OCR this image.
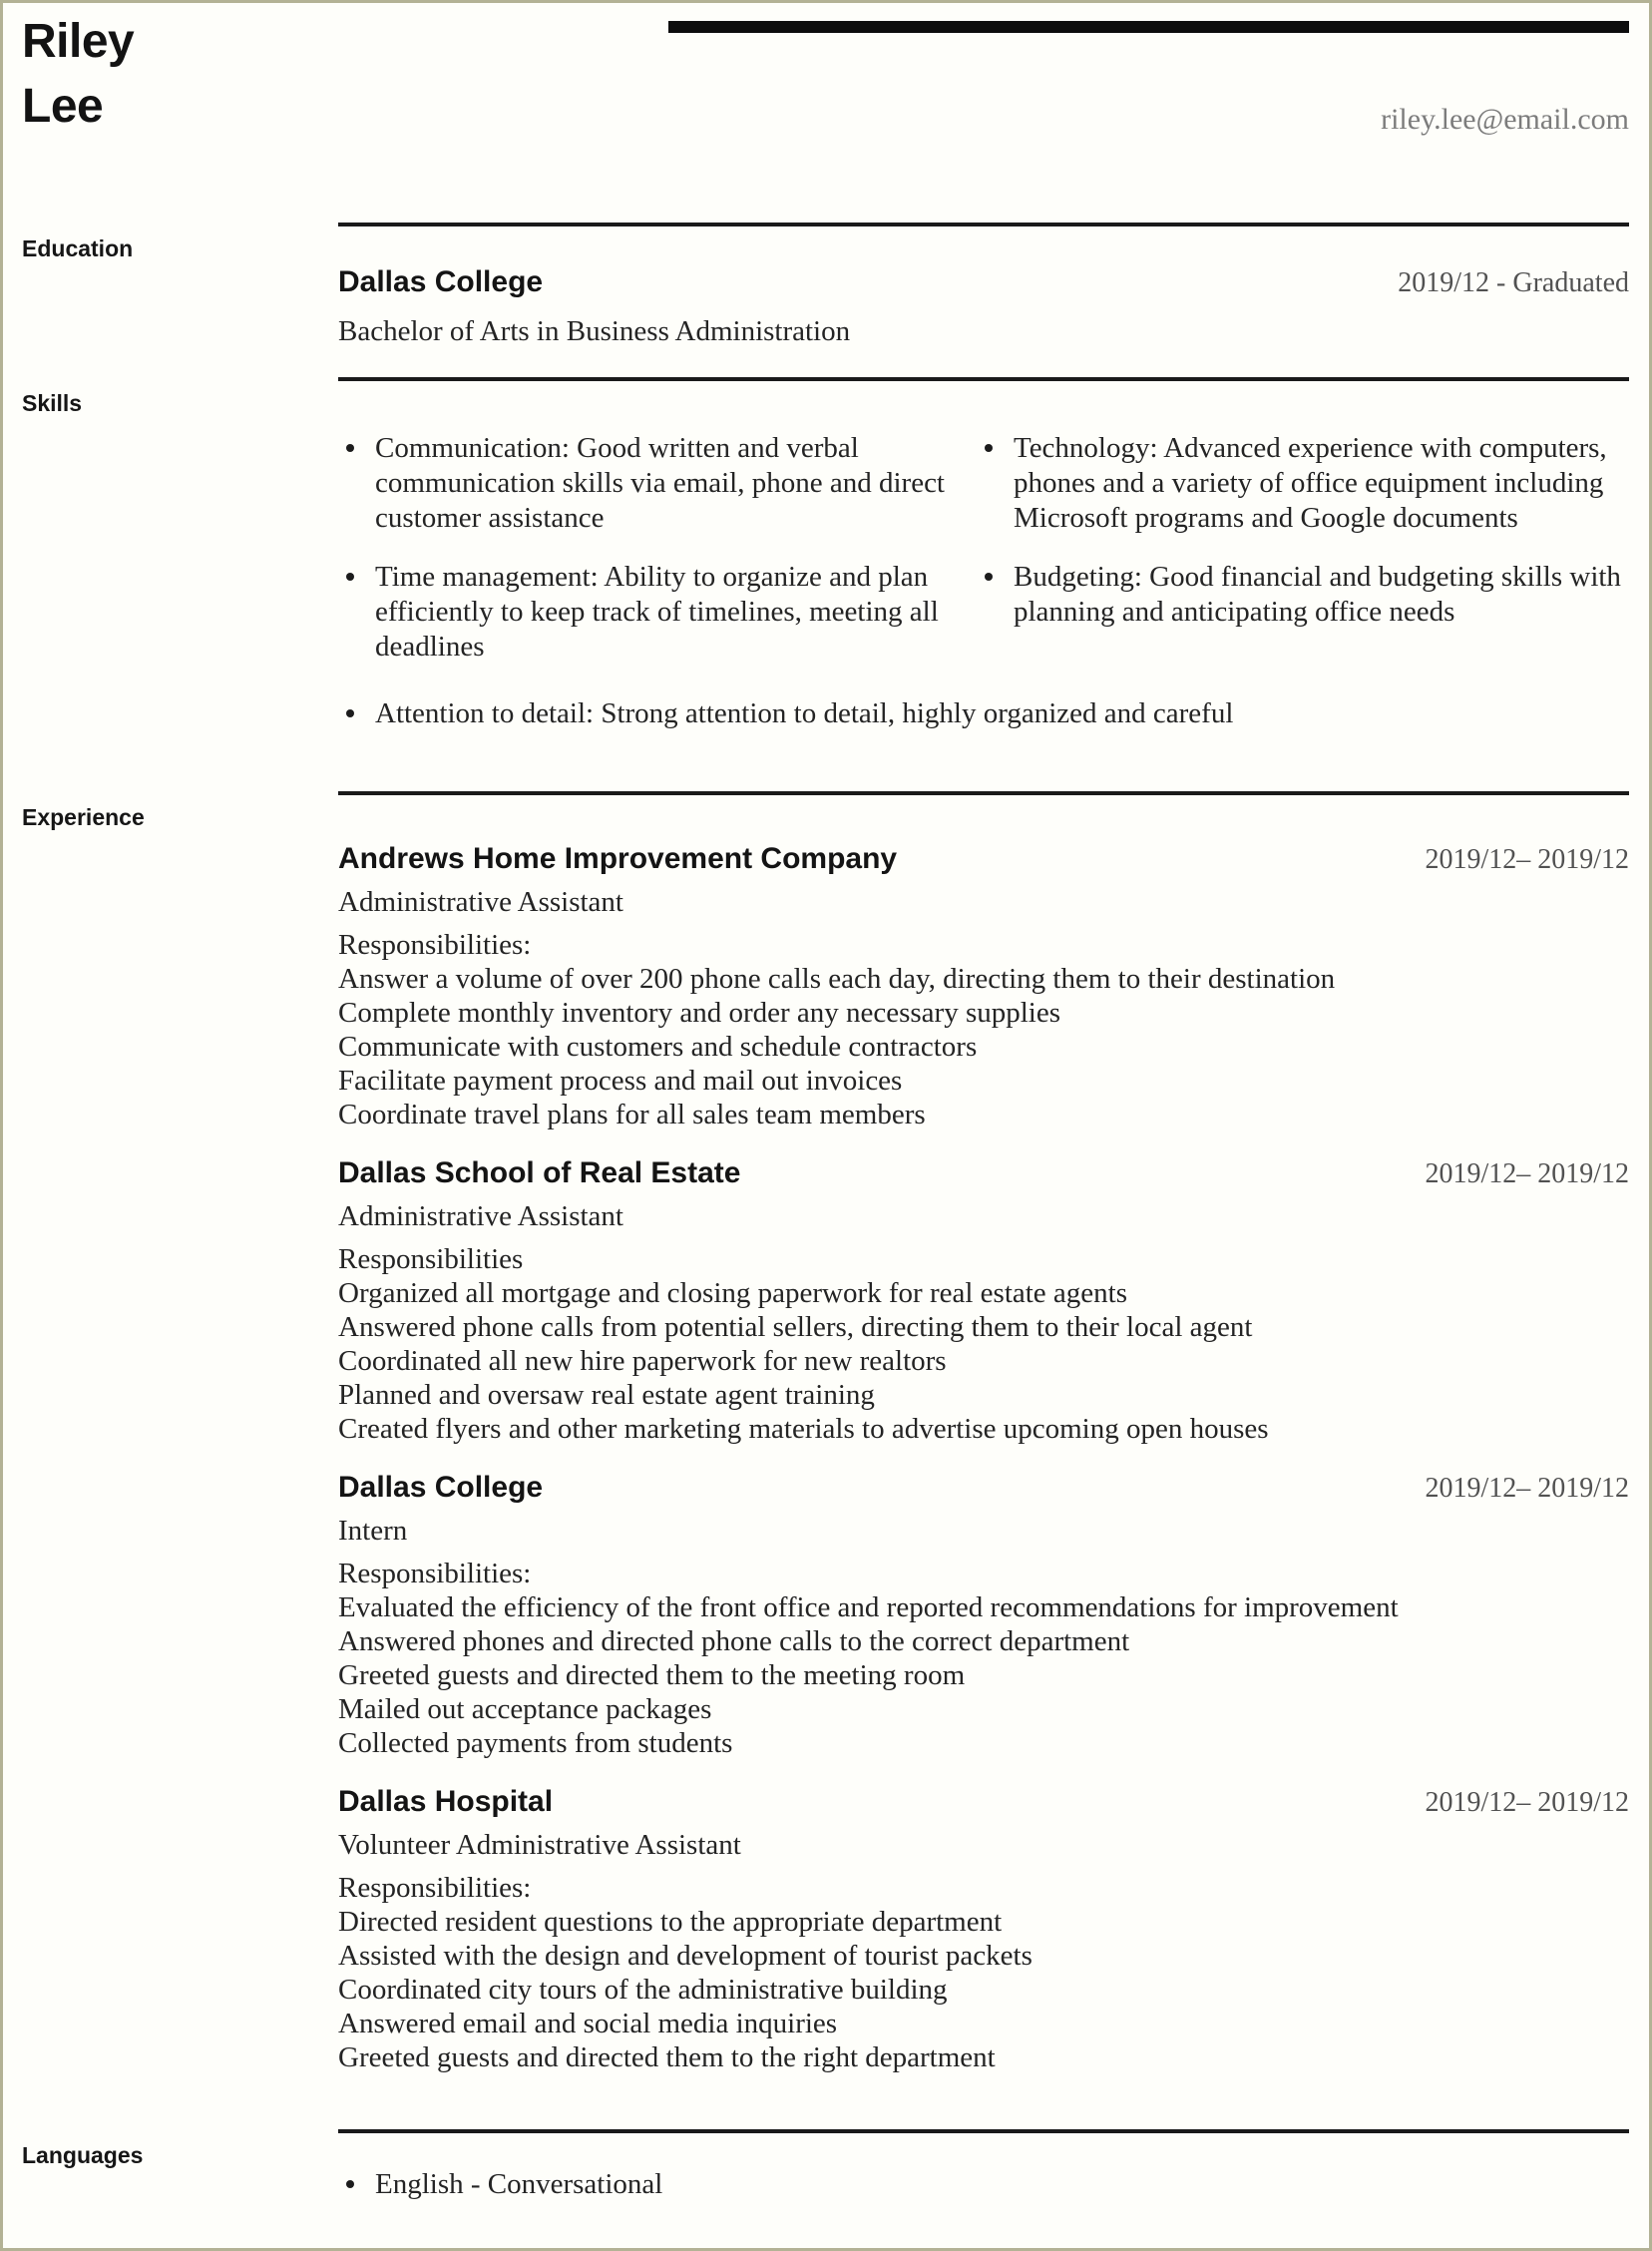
Riley Lee	riley.lee@email.com
Education
Dallas College	2019/12 - Graduated
Bachelor of Arts in Business Administration
Skills
Communication: Good written and verbal communication skills via email, phone and direct customer assistance
Time management: Ability to organize and plan efficiently to keep track of timelines, meeting all deadlines
Technology: Advanced experience with computers, phones and a variety of office equipment including Microsoft programs and Google documents
Budgeting: Good financial and budgeting skills with planning and anticipating office needs
Attention to detail: Strong attention to detail, highly organized and careful
Experience
Andrews Home Improvement Company	2019/12– 2019/12
Administrative Assistant
Responsibilities:
Answer a volume of over 200 phone calls each day, directing them to their destination
Complete monthly inventory and order any necessary supplies
Communicate with customers and schedule contractors
Facilitate payment process and mail out invoices
Coordinate travel plans for all sales team members
Dallas School of Real Estate	2019/12– 2019/12
Administrative Assistant
Responsibilities
Organized all mortgage and closing paperwork for real estate agents
Answered phone calls from potential sellers, directing them to their local agent
Coordinated all new hire paperwork for new realtors
Planned and oversaw real estate agent training
Created flyers and other marketing materials to advertise upcoming open houses
Dallas College	2019/12– 2019/12
Intern
Responsibilities:
Evaluated the efficiency of the front office and reported recommendations for improvement
Answered phones and directed phone calls to the correct department
Greeted guests and directed them to the meeting room
Mailed out acceptance packages
Collected payments from students
Dallas Hospital	2019/12– 2019/12
Volunteer Administrative Assistant
Responsibilities:
Directed resident questions to the appropriate department
Assisted with the design and development of tourist packets
Coordinated city tours of the administrative building
Answered email and social media inquiries
Greeted guests and directed them to the right department
Languages
English - Conversational
